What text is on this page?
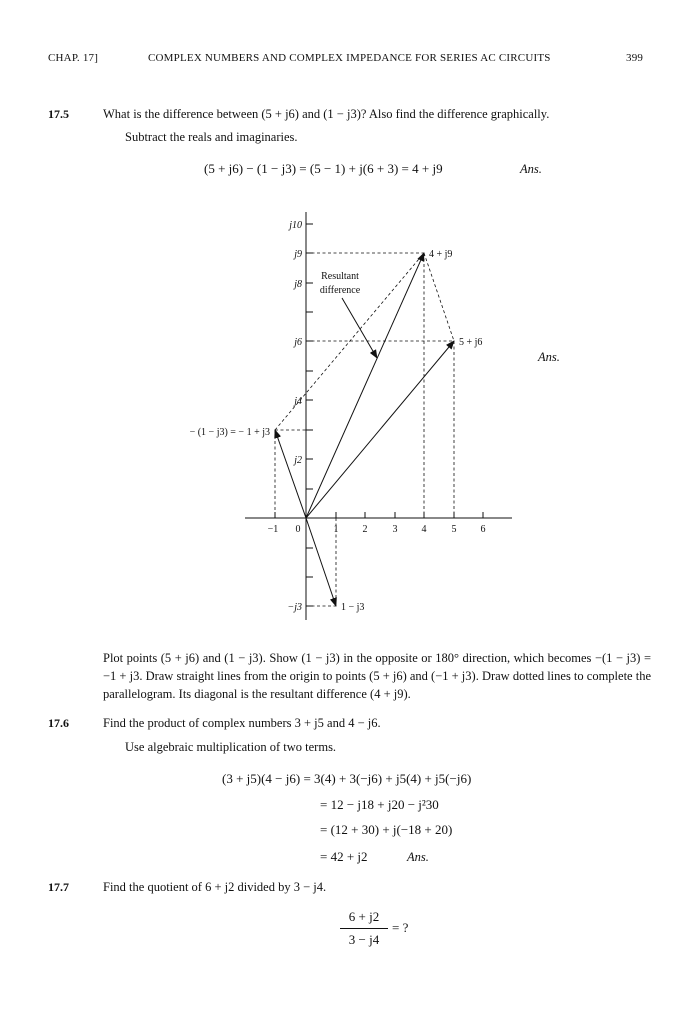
CHAP. 17]	COMPLEX NUMBERS AND COMPLEX IMPEDANCE FOR SERIES AC CIRCUITS	399
17.5	What is the difference between (5 + j6) and (1 − j3)? Also find the difference graphically.
Subtract the reals and imaginaries.
(5 + j6) − (1 − j3) = (5 − 1) + j(6 + 3) = 4 + j9	Ans.
j10
j9
j8
j6
j4
j2
−j3
−1 0	1 2	3 4	5 6
4 + j9
5 + j6
− (1 − j3) = − 1 + j3
1 − j3
Resultant
difference
Ans.
Plot points (5 + j6) and (1 − j3). Show (1 − j3) in the opposite or 180° direction, which becomes −(1 − j3) = −1 + j3. Draw straight lines from the origin to points (5 + j6) and (−1 + j3). Draw dotted lines to complete the parallelogram. Its diagonal is the resultant difference (4 + j9).
17.6	Find the product of complex numbers 3 + j5 and 4 − j6.
Use algebraic multiplication of two terms.
(3 + j5)(4 − j6) = 3(4) + 3(−j6) + j5(4) + j5(−j6)
= 12 − j18 + j20 − j²30
= (12 + 30) + j(−18 + 20)
= 42 + j2	Ans.
17.7	Find the quotient of 6 + j2 divided by 3 − j4.
6 + j2
3 − j4
= ?
